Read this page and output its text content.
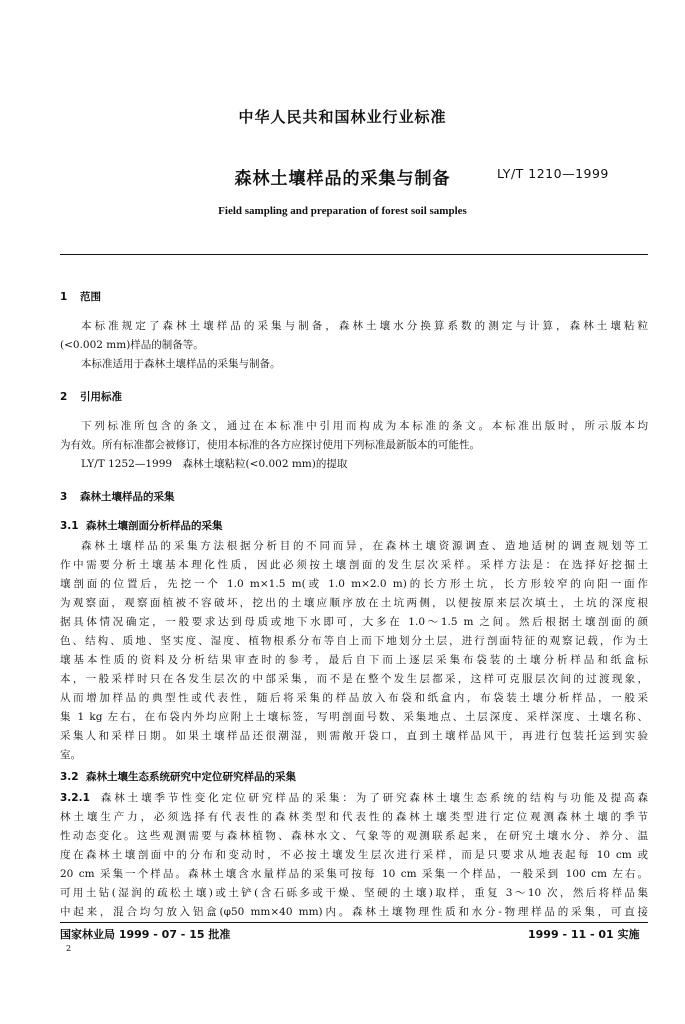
中华人民共和国林业行业标准
森林土壤样品的采集与制备	LY/T 1210—1999
Field sampling and preparation of forest soil samples
1 范围
本标准规定了森林土壤样品的采集与制备，森林土壤水分换算系数的测定与计算，森林土壤粘粒
(<0.002 mm)样品的制备等。
本标准适用于森林土壤样品的采集与制备。
2 引用标准
下列标准所包含的条文，通过在本标准中引用而构成为本标准的条文。本标准出版时，所示版本均
为有效。所有标准都会被修订，使用本标准的各方应探讨使用下列标准最新版本的可能性。
LY/T 1252—1999　森林土壤粘粒(<0.002 mm)的提取
3 森林土壤样品的采集
3.1 森林土壤剖面分析样品的采集
森林土壤样品的采集方法根据分析目的不同而异，在森林土壤资源调查、造地适树的调查规划等工
作中需要分析土壤基本理化性质，因此必须按土壤剖面的发生层次采样。采样方法是：在选择好挖掘土
壤剖面的位置后，先挖一个 1.0 m×1.5 m(或 1.0 m×2.0 m)的长方形土坑，长方形较窄的向阳一面作
为观察面，观察面植被不容破坏，挖出的土壤应顺序放在土坑两侧，以便按原来层次填土，土坑的深度根
据具体情况确定，一般要求达到母质或地下水即可，大多在 1.0～1.5 m 之间。然后根据土壤剖面的颜
色、结构、质地、坚实度、湿度、植物根系分布等自上而下地划分土层，进行剖面特征的观察记载，作为土
壤基本性质的资料及分析结果审查时的参考，最后自下而上逐层采集布袋装的土壤分析样品和纸盒标
本，一般采样时只在各发生层次的中部采集，而不是在整个发生层都采，这样可克服层次间的过渡现象，
从而增加样品的典型性或代表性，随后将采集的样品放入布袋和纸盒内，布袋装土壤分析样品，一般采
集 1 kg 左右，在布袋内外均应附上土壤标签，写明剖面号数、采集地点、土层深度、采样深度、土壤名称、
采集人和采样日期。如果土壤样品还很潮湿，则需敞开袋口，直到土壤样品风干，再进行包装托运到实验
室。
3.2 森林土壤生态系统研究中定位研究样品的采集
3.2.1 森林土壤季节性变化定位研究样品的采集：为了研究森林土壤生态系统的结构与功能及提高森
林土壤生产力，必须选择有代表性的森林类型和代表性的森林土壤类型进行定位观测森林土壤的季节
性动态变化。这些观测需要与森林植物、森林水文、气象等的观测联系起来，在研究土壤水分、养分、温
度在森林土壤剖面中的分布和变动时，不必按土壤发生层次进行采样，而是只要求从地表起每 10 cm 或
20 cm 采集一个样品。森林土壤含水量样品的采集可按每 10 cm 采集一个样品，一般采到 100 cm 左右。
可用土钻(湿润的疏松土壤)或土铲(含石砾多或干燥、坚硬的土壤)取样，重复 3～10 次，然后将样品集
中起来，混合均匀放入铝盒(φ50 mm×40 mm)内。森林土壤物理性质和水分-物理样品的采集，可直接
国家林业局 1999 - 07 - 15 批准	1999 - 11 - 01 实施
2
